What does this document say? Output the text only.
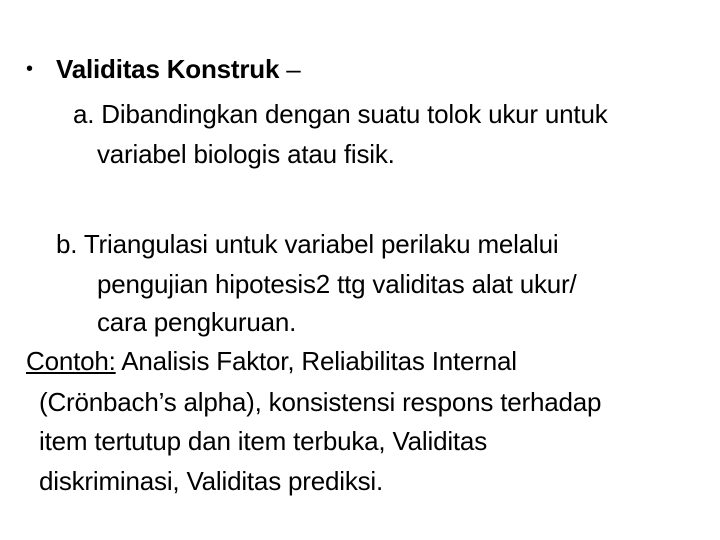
• Validitas Konstruk –
a. Dibandingkan dengan suatu tolok ukur untuk
variabel biologis atau fisik.
b. Triangulasi untuk variabel perilaku melalui
pengujian hipotesis2 ttg validitas alat ukur/
cara pengkuruan.
Contoh: Analisis Faktor, Reliabilitas Internal
(Crönbach’s alpha), konsistensi respons terhadap
item tertutup dan item terbuka, Validitas
diskriminasi, Validitas prediksi.
